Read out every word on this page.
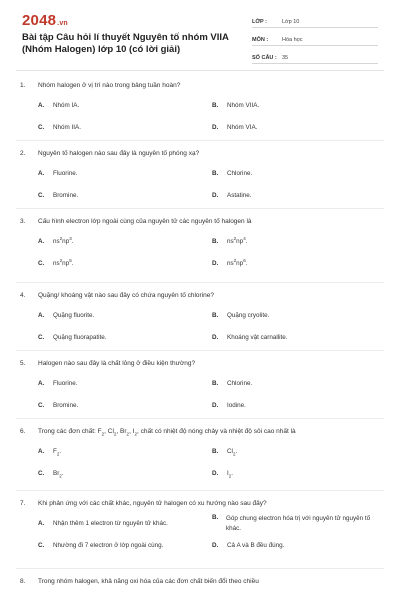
2048.vn
Bài tập Câu hỏi lí thuyết Nguyên tố nhóm VIIA (Nhóm Halogen) lớp 10 (có lời giải)
LỚP :	Lớp 10
MÔN :	Hóa học
SỐ CÂU : 35
1. Nhóm halogen ở vị trí nào trong bảng tuần hoàn?
A. Nhóm IA.	B. Nhóm VIIA.
C. Nhóm IIA.	D. Nhóm VIA.
2. Nguyên tố halogen nào sau đây là nguyên tố phóng xạ?
A. Fluorine.	B. Chlorine.
C. Bromine.	D. Astatine.
3. Cấu hình electron lớp ngoài cùng của nguyên tử các nguyên tố halogen là
A. $ns^2np^3$.	B. $ns^2np^4$.
C. $ns^2np^5$.	D. $ns^2np^6$.
4. Quặng/ khoáng vật nào sau đây có chứa nguyên tố chlorine?
A. Quặng fluorite.	B. Quặng cryolite.
C. Quặng fluorapatite.	D. Khoáng vật carnallite.
5. Halogen nào sau đây là chất lỏng ở điều kiện thường?
A. Fluorine.	B. Chlorine.
C. Bromine.	D. Iodine.
6. Trong các đơn chất: $F_2$, $Cl_2$, $Br_2$, $I_2$, chất có nhiệt độ nóng chảy và nhiệt độ sôi cao nhất là
A. $F_2$.	B. $Cl_2$.
C. $Br_2$.	D. $I_2$.
7. Khi phản ứng với các chất khác, nguyên tử halogen có xu hướng nào sau đây?
A. Nhận thêm 1 electron từ nguyên tử khác.
B. Góp chung electron hóa trị với nguyên tử nguyên tố khác.
C. Nhường đi 7 electron ở lớp ngoài cùng.	D. Cả A và B đều đúng.
8. Trong nhóm halogen, khả năng oxi hóa của các đơn chất biến đổi theo chiều
